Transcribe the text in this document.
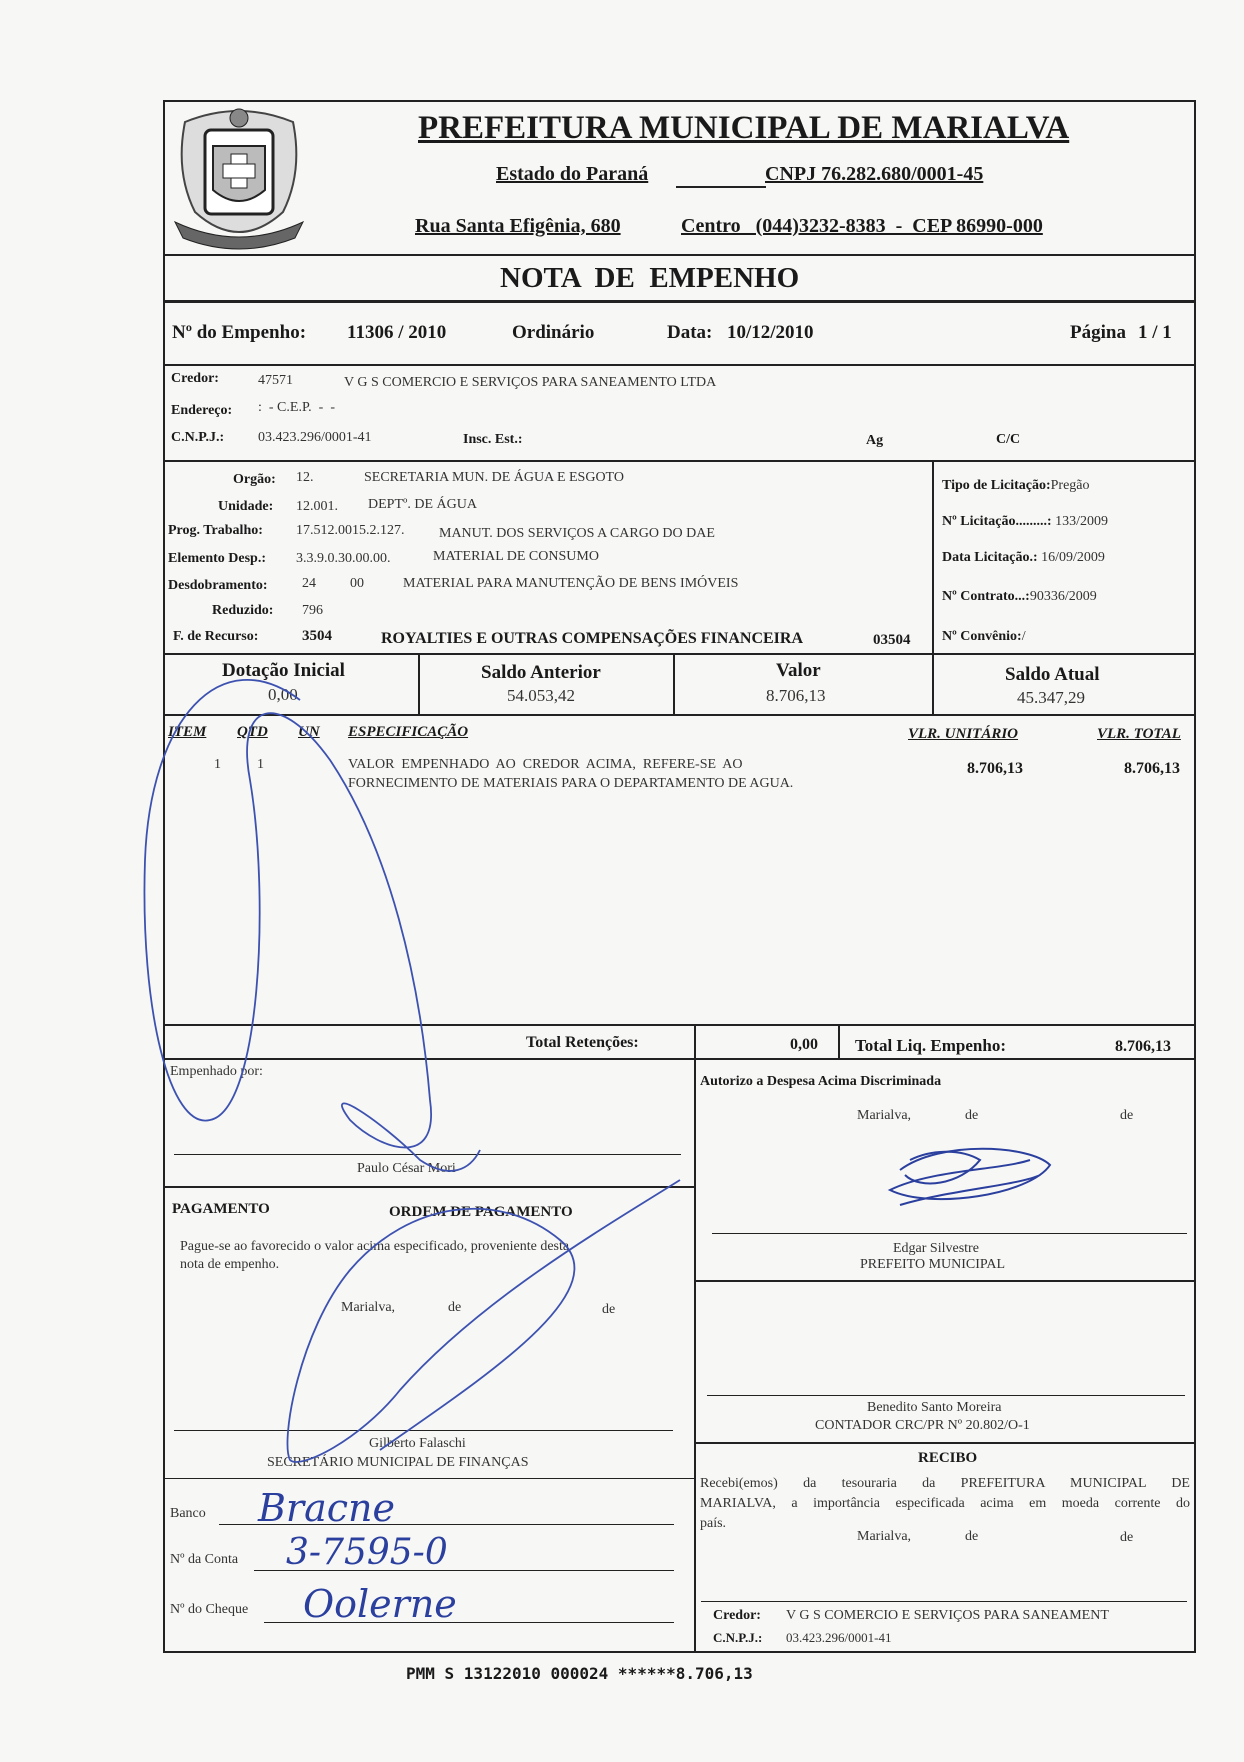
PREFEITURA MUNICIPAL DE MARIALVA
Estado do Paraná	CNPJ 76.282.680/0001-45
Rua Santa Efigênia, 680	Centro   (044)3232-8383  -  CEP 86990-000
NOTA  DE  EMPENHO
Nº do Empenho: 11306 / 2010	Ordinário	Data: 10/12/2010	Página 1 / 1
Credor:	47571	V G S COMERCIO E SERVIÇOS PARA SANEAMENTO LTDA
Endereço: :  - C.E.P.  -  -
C.N.P.J.: 03.423.296/0001-41	Insc. Est.:	Ag	C/C
Orgão: 12.	SECRETARIA MUN. DE ÁGUA E ESGOTO
Unidade: 12.001. DEPTº. DE ÁGUA
Prog. Trabalho: 17.512.0015.2.127. MANUT. DOS SERVIÇOS A CARGO DO DAE
Elemento Desp.: 3.3.9.0.30.00.00.	MATERIAL DE CONSUMO
Desdobramento: 24 00	MATERIAL PARA MANUTENÇÃO DE BENS IMÓVEIS
Reduzido: 796
F. de Recurso:	3504	ROYALTIES E OUTRAS COMPENSAÇÕES FINANCEIRA	03504
Tipo de Licitação:Pregão
Nº Licitação.........: 133/2009
Data Licitação.: 16/09/2009
Nº Contrato...:90336/2009
Nº Convênio:/
Dotação Inicial
0,00
Saldo Anterior
54.053,42
Valor
8.706,13
Saldo Atual
45.347,29
ITEM QTD UN ESPECIFICAÇÃO	VLR. UNITÁRIO	VLR. TOTAL
1	1	VALOR  EMPENHADO  AO  CREDOR  ACIMA,  REFERE-SE  AO
FORNECIMENTO DE MATERIAIS PARA O DEPARTAMENTO DE AGUA.
8.706,13	8.706,13
Total Retenções:	0,00 Total Liq. Empenho:	8.706,13
Empenhado por:
Paulo César Mori
Autorizo a Despesa Acima Discriminada
Marialva,	de	de
Edgar Silvestre
PREFEITO MUNICIPAL
Benedito Santo Moreira
CONTADOR CRC/PR Nº 20.802/O-1
PAGAMENTO	ORDEM DE PAGAMENTO
Pague-se ao favorecido o valor acima especificado, proveniente desta
nota de empenho.
Marialva,	de	de
Gilberto Falaschi
SECRETÁRIO MUNICIPAL DE FINANÇAS
Banco Bracne
Nº da Conta 3-7595-0
Nº do Cheque Oolerne
RECIBO
Recebi(emos) da tesouraria da PREFEITURA MUNICIPAL DE
MARIALVA, a importância especificada acima em moeda corrente do
país.
Marialva,	de	de
Credor: V G S COMERCIO E SERVIÇOS PARA SANEAMENT
C.N.P.J.: 03.423.296/0001-41
PMM S 13122010 000024 ******8.706,13
